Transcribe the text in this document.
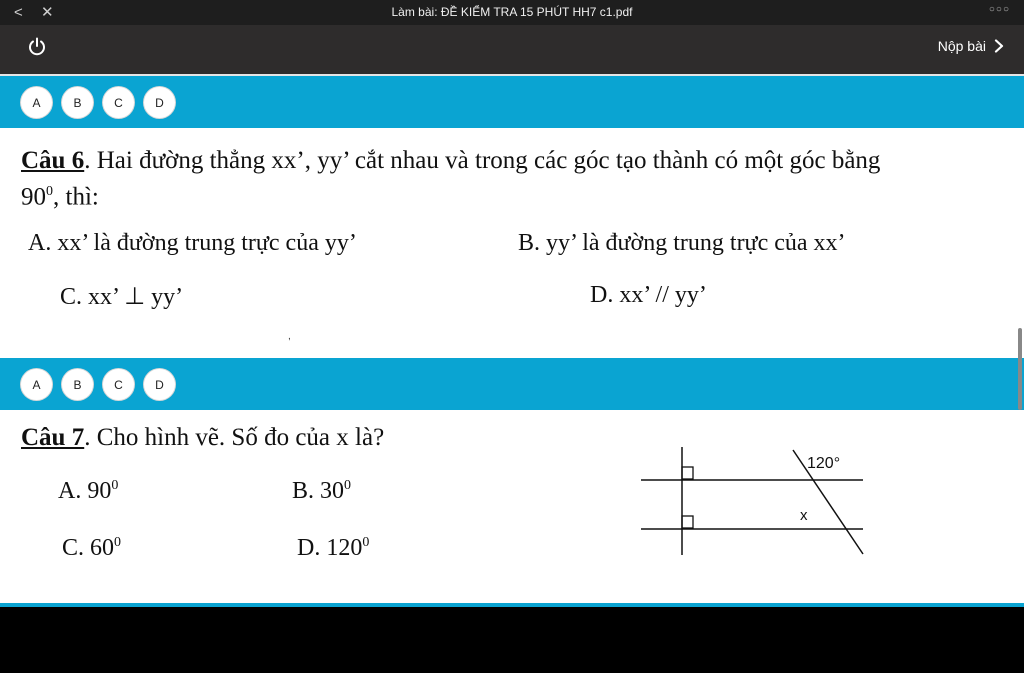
< ✕	Làm bài: ĐỀ KIỂM TRA 15 PHÚT HH7 c1.pdf	○○○
Nộp bài
A	B	C	D
Câu 6. Hai đường thẳng xx’, yy’ cắt nhau và trong các góc tạo thành có một góc bằng
$90^0$, thì:
A. xx’ là đường trung trực của yy’	B. yy’ là đường trung trực của xx’
C. xx’ ⊥ yy’	D. xx’ // yy’
A	B	C	D
Câu 7. Cho hình vẽ. Số đo của x là?
A. $90^0$	B. $30^0$
C. $60^0$	D. $120^0$
120°
x
,
